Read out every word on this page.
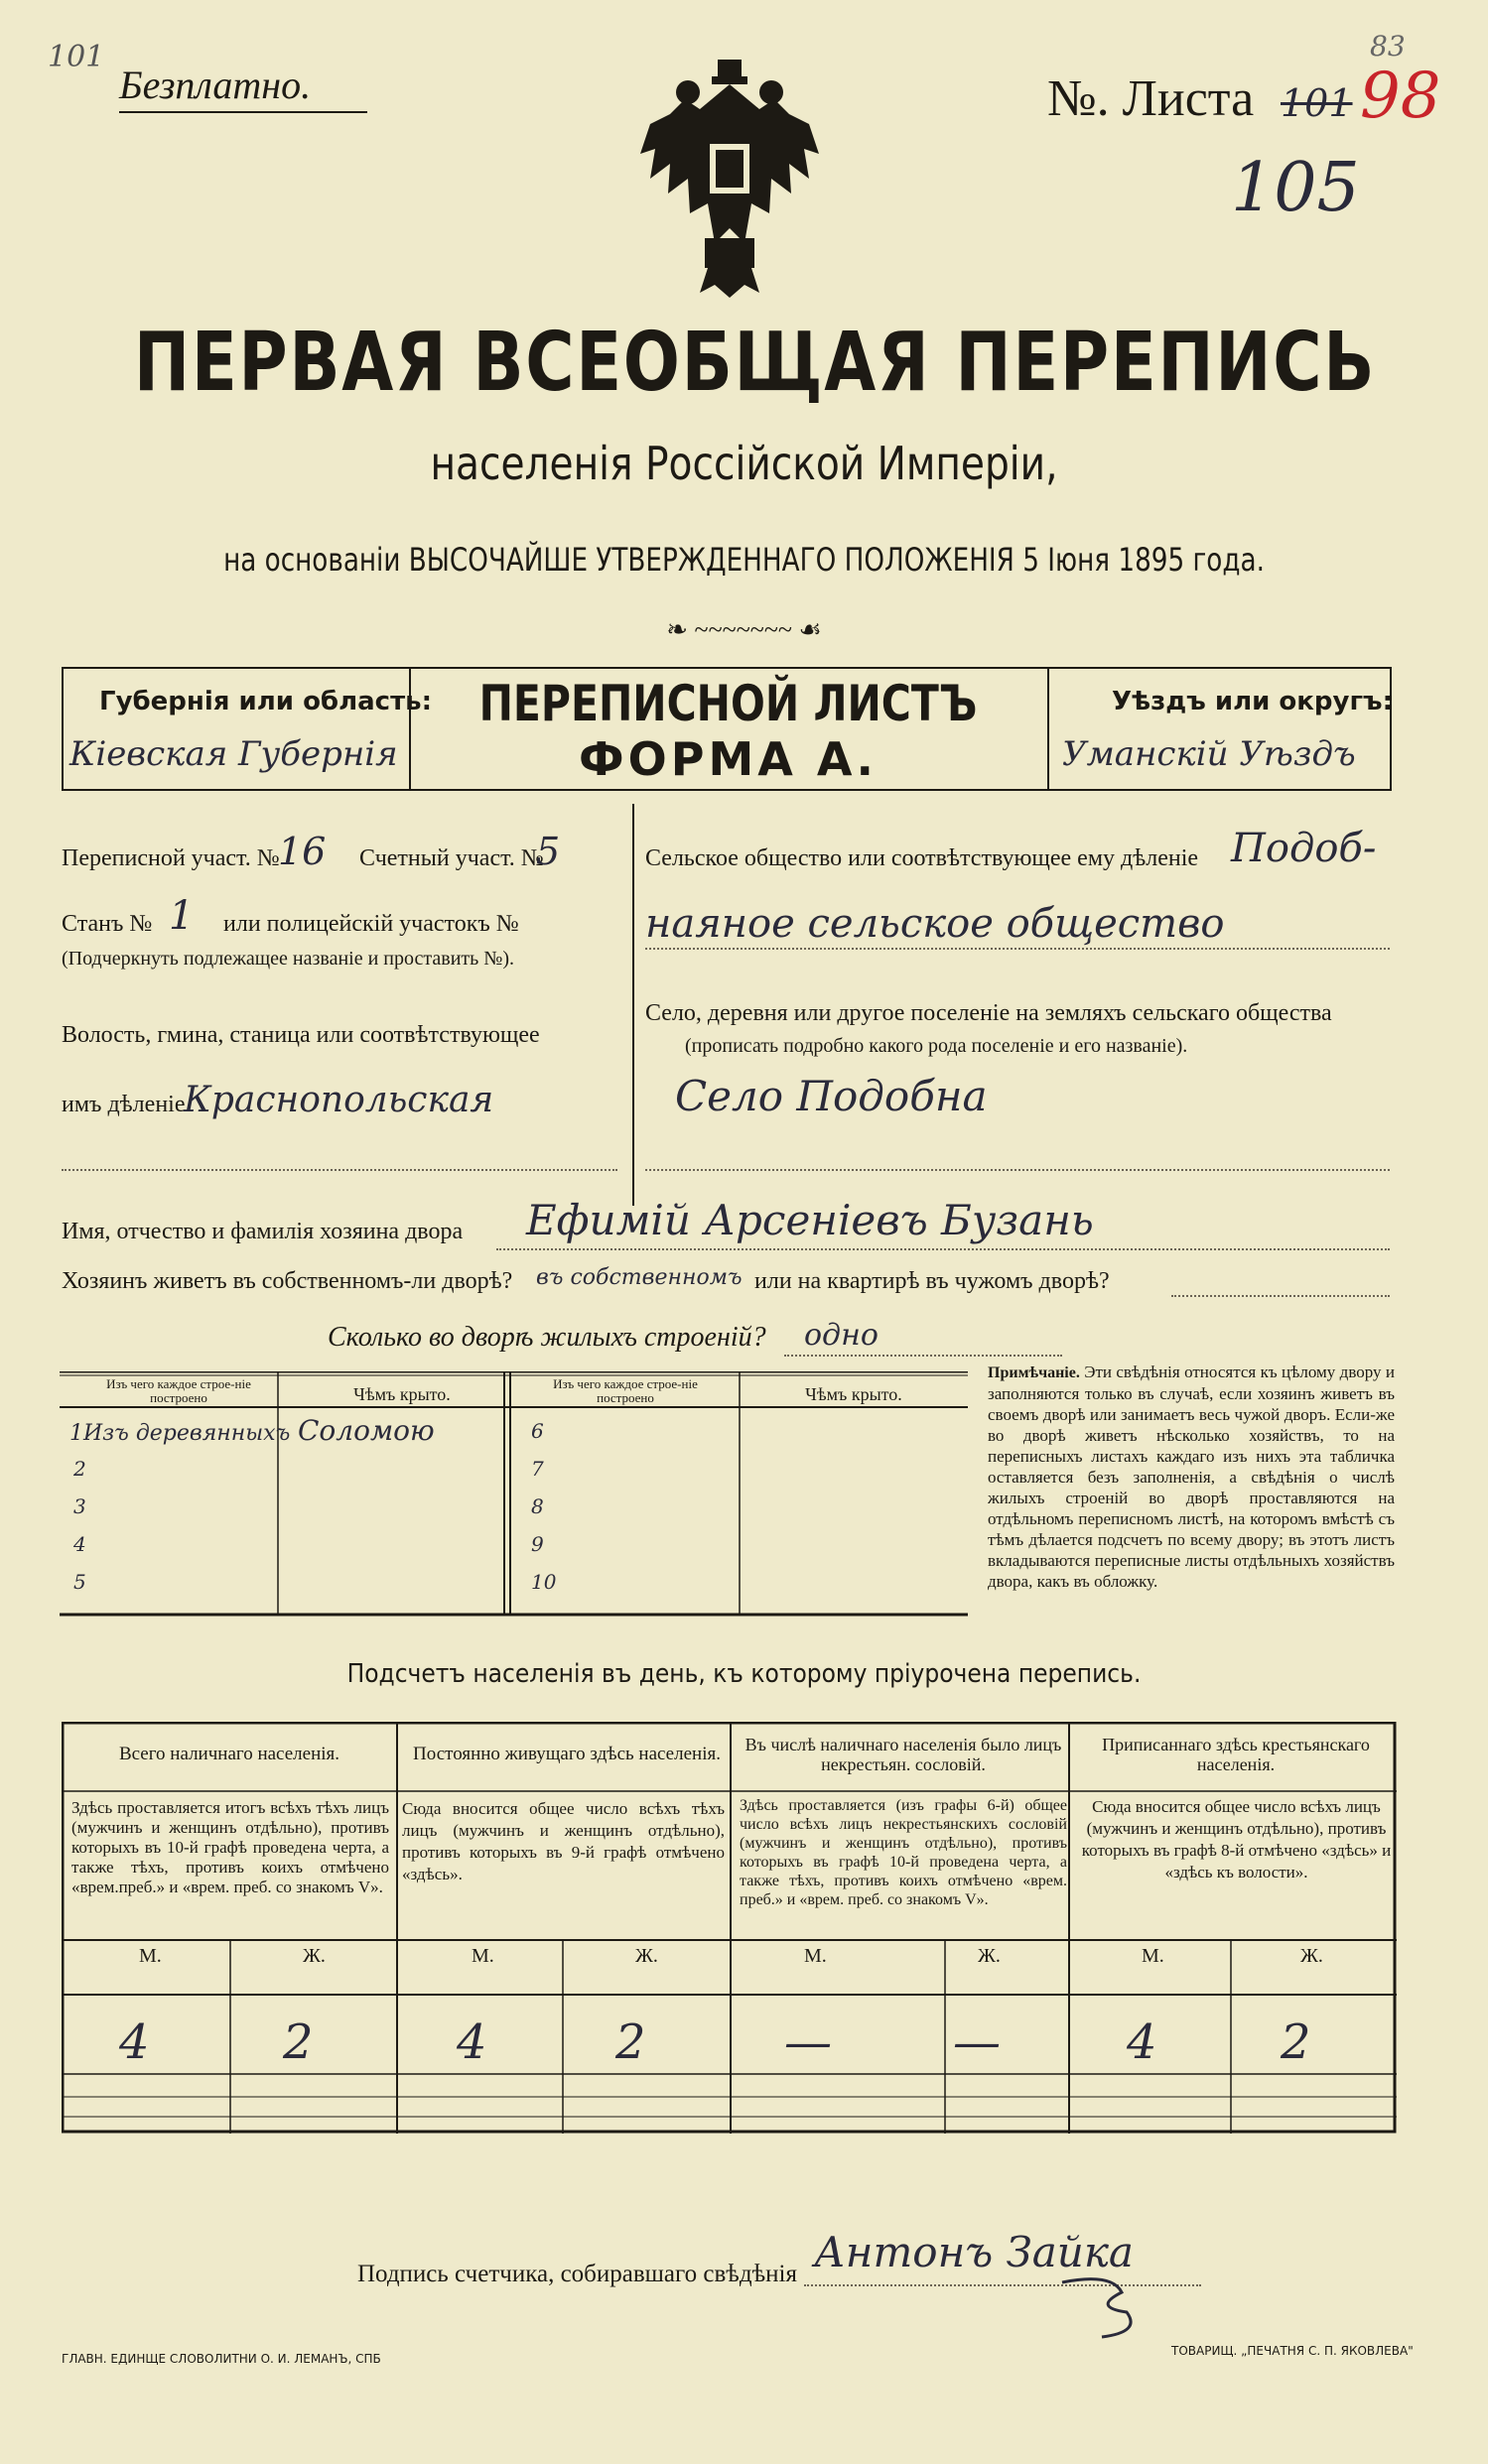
101	83
Безплатно.	№. Листа 101 98
105
ПЕРВАЯ ВСЕОБЩАЯ ПЕРЕПИСЬ
населенія Россійской Имперіи,
на основаніи ВЫСОЧАЙШЕ УТВЕРЖДЕННАГО ПОЛОЖЕНІЯ 5 Іюня 1895 года.
❧ ~~~~~~~ ☙
Губернія или область:
Кіевская Губернія
ПЕРЕПИСНОЙ ЛИСТЪ
ФОРМА А.
Уѣздъ или округъ:
Уманскій Уѣздъ
Переписной участ. №
16 Счетный участ. №
5
Станъ № 1 или полицейскій участокъ №
(Подчеркнуть подлежащее названіе и проставить №).
Волость, гмина, станица или соотвѣтствующее
имъ дѣленіе
Краснопольская
Сельское общество или соотвѣтствующее ему дѣленіе Подоб-
наяное сельское общество
Село, деревня или другое поселеніе на земляхъ сельскаго общества
(прописать подробно какого рода поселеніе и его названіе).
Село Подобна
Имя, отчество и фамилія хозяина двора Ефимій Арсеніевъ Бузань
Хозяинъ живетъ въ собственномъ-ли дворѣ? въ собственномъ или на квартирѣ въ чужомъ дворѣ?
Сколько во дворѣ жилыхъ строеній? одно
Изъ чего каждое строе-ніе построено	Чѣмъ крыто.
Изъ чего каждое строе-ніе построено	Чѣмъ крыто.
1 Изъ деревянныхъ Соломою
2
3
4
5
6
7
8
9
10
Примѣчаніе. Эти свѣдѣнія относятся къ цѣлому двору и заполняются только въ случаѣ, если хозяинъ живетъ въ своемъ дворѣ или занимаетъ весь чужой дворъ. Если-же во дворѣ живетъ нѣсколько хозяйствъ, то на переписныхъ листахъ каждаго изъ нихъ эта табличка оставляется безъ заполненія, а свѣдѣнія о числѣ жилыхъ строеній во дворѣ проставляются на отдѣльномъ переписномъ листѣ, на которомъ вмѣстѣ съ тѣмъ дѣлается подсчетъ по всему двору; въ этотъ листъ вкладываются переписные листы отдѣльныхъ хозяйствъ двора, какъ въ обложку.
Подсчетъ населенія въ день, къ которому пріурочена перепись.
Всего наличнаго населенія.
Здѣсь проставляется итогъ всѣхъ тѣхъ лицъ (мужчинъ и женщинъ отдѣльно), противъ которыхъ въ 10-й графѣ проведена черта, а также тѣхъ, противъ коихъ отмѣчено «врем.преб.» и «врем. преб. со знакомъ V».
М.	Ж.
4	2
Постоянно живущаго здѣсь населенія.
Сюда вносится общее число всѣхъ тѣхъ лицъ (мужчинъ и женщинъ отдѣльно), противъ которыхъ въ 9-й графѣ отмѣчено «здѣсь».
М.	Ж.
4	2
Въ числѣ наличнаго населенія было лицъ некрестьян. сословій.
Здѣсь проставляется (изъ графы 6-й) общее число всѣхъ лицъ некрестьянскихъ сословій (мужчинъ и женщинъ отдѣльно), противъ которыхъ въ графѣ 10-й проведена черта, а также тѣхъ, противъ коихъ отмѣчено «врем. преб.» и «врем. преб. со знакомъ V».
М.	Ж.
—	—
Приписаннаго здѣсь крестьянскаго населенія.
Сюда вносится общее число всѣхъ лицъ (мужчинъ и женщинъ отдѣльно), противъ которыхъ въ графѣ 8-й отмѣчено «здѣсь» и «здѣсь къ волости».
М.	Ж.
4	2
Подпись счетчика, собиравшаго свѣдѣнія Антонъ Зайка
ГЛАВН. ЕДИНЩЕ СЛОВОЛИТНИ О. И. ЛЕМАНЪ, СПБ
ТОВАРИЩ. „ПЕЧАТНЯ С. П. ЯКОВЛЕВА"
